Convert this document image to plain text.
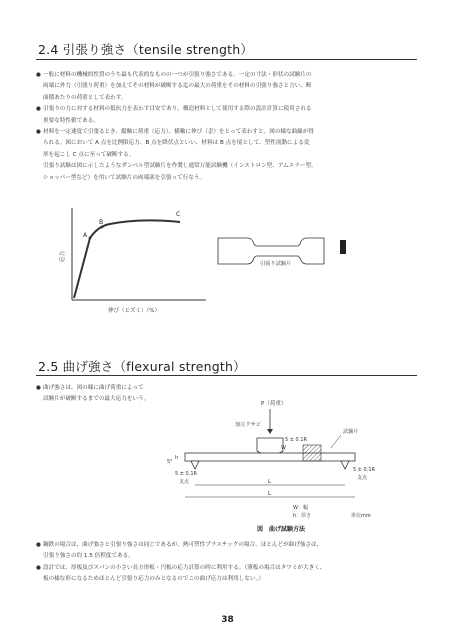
2.4 引張り強さ（tensile strength）

● 一般に材料の機械的性質のうち最も代表的なものの一つが引張り強さである。一定の寸法・形状の試験片の

両端に外力（引張り荷重）を加えてその材料が破断する迄の最大の荷重をその材料の引張り強さと言い、断

面積あたりの荷重として表わす。

● 引張りの力に対する材料の抵抗力を表わす目安であり、構造材料として使用する際の設計計算に使用される

重要な特性値である。

● 材料を一定速度で引張るとき、縦軸に荷重（応力）、横軸に伸び（歪）をとって表わすと、図の様な曲線が得

られる。図において A 点を比例限応力、B 点を降伏点といい、材料は B 点を境として、塑性流動による変

形を起こし C 点に至って破断する。

引張り試験は図に示したようなダンベル型試験片を作製し通常万能試験機（インストロン型、アムスラー型、

ショッパー型など）を用いて試験片の両端部を引張って行なう。

A
B
C
応力
伸び（ヒズミ）（%）
引張り試験片
2.5 曲げ強さ（flexural strength）

● 曲げ強さは、図の様に曲げ荷重によって

試験片が破断するまでの最大応力をいう。

P（荷重）
加圧クサビ
試験片
5 ± 0.1R
W
5 ± 0.1R
支点
5 ± 0.1R
支点
h
5°
L
L
W：幅
h：厚さ	単位mm
図　曲げ試験方法

● 鋼鉄の場合は、曲げ強さと引張り強さは同じであるが、熱可塑性プラスチックの場合、ほとんどが曲げ強さは、

引張り強さの約 1.5 倍程度である。

● 設計では、厚板及びスパンの小さい長方形板・円板の応力計算の時に利用する。（薄板の場合はタワミが大きく、

板の様な形になるためほとんど引張り応力のみとなるのでこの曲げ応力は利用しない。）

38
